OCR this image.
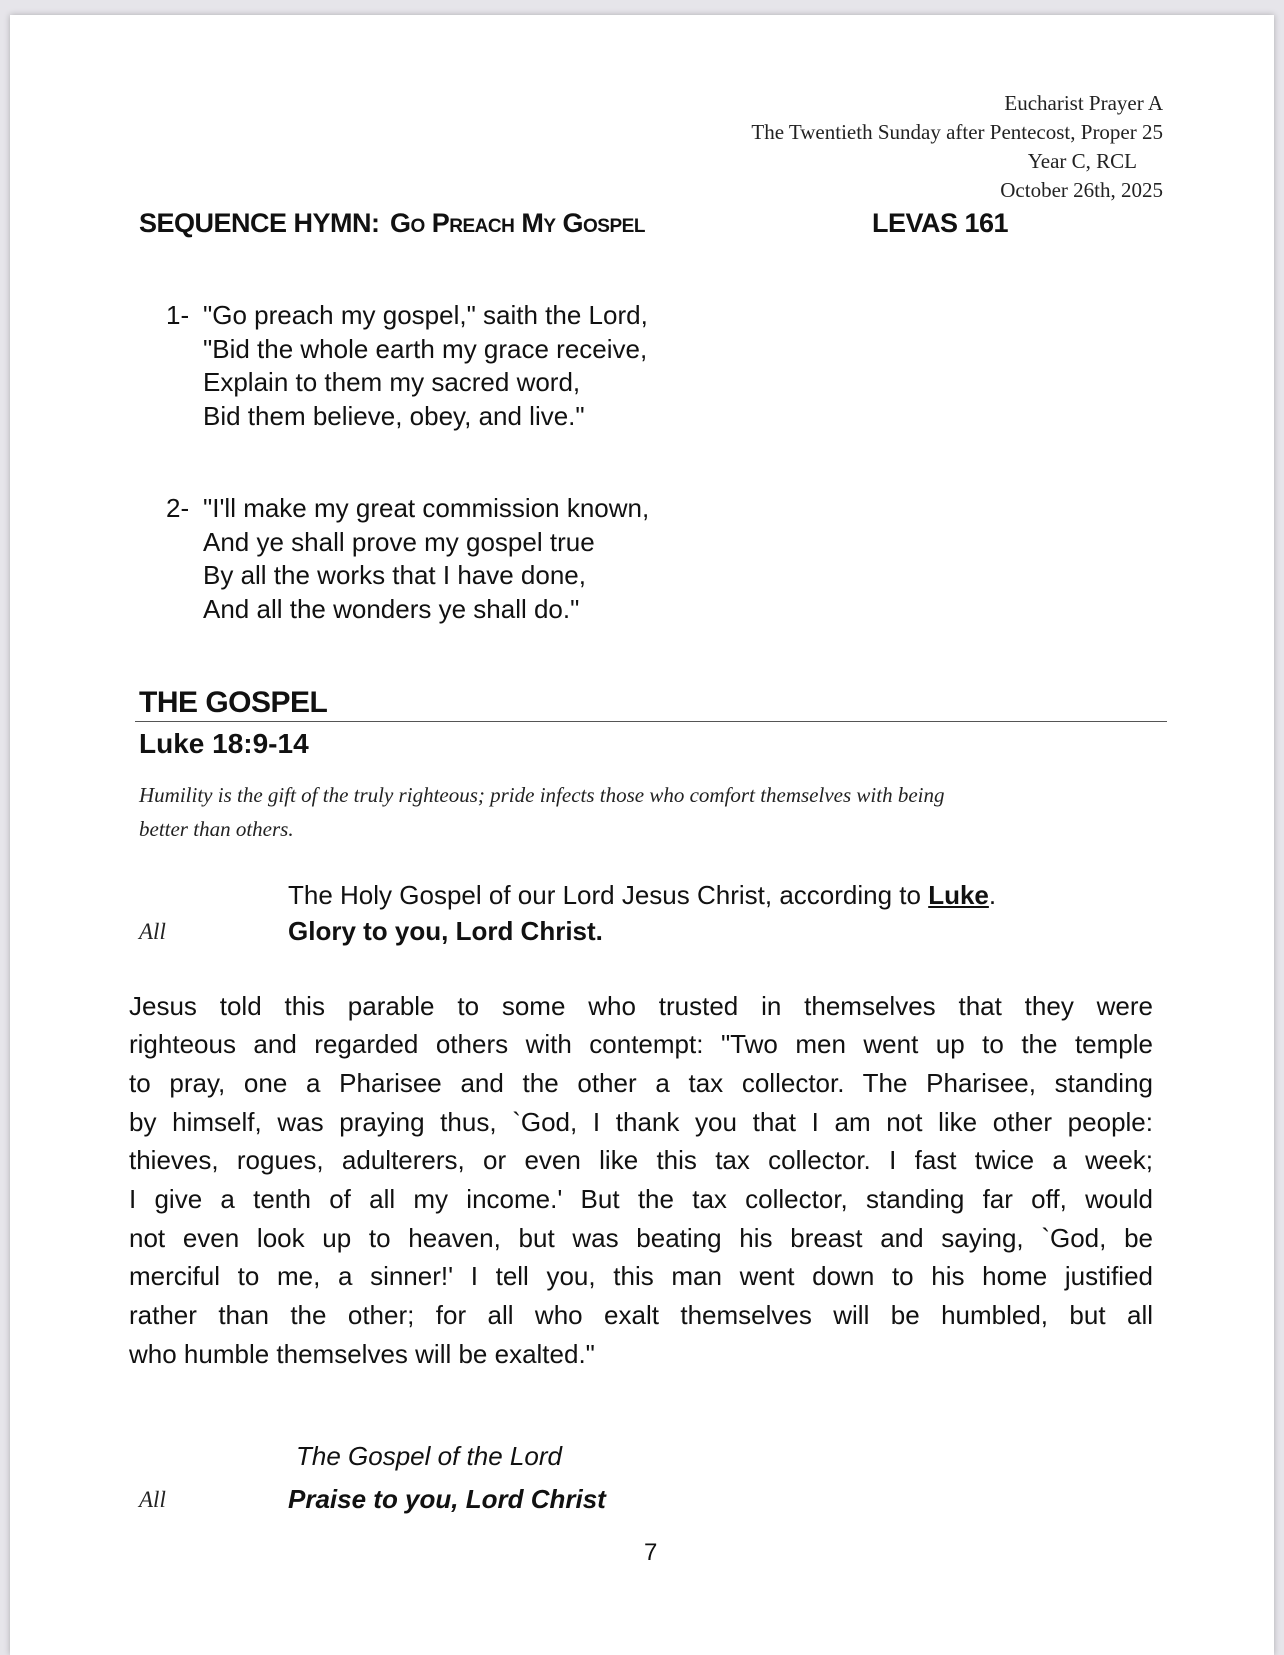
Eucharist Prayer A
The Twentieth Sunday after Pentecost, Proper 25
Year C, RCL
October 26th, 2025
SEQUENCE HYMN: Go Preach My Gospel	LEVAS 161
1- "Go preach my gospel," saith the Lord,
"Bid the whole earth my grace receive,
Explain to them my sacred word,
Bid them believe, obey, and live."
2- "I'll make my great commission known,
And ye shall prove my gospel true
By all the works that I have done,
And all the wonders ye shall do."
THE GOSPEL
Luke 18:9-14
Humility is the gift of the truly righteous; pride infects those who comfort themselves with being
better than others.
The Holy Gospel of our Lord Jesus Christ, according to Luke.
All	Glory to you, Lord Christ.
Jesus told this parable to some who trusted in themselves that they were
righteous and regarded others with contempt: "Two men went up to the temple
to pray, one a Pharisee and the other a tax collector. The Pharisee, standing
by himself, was praying thus, `God, I thank you that I am not like other people:
thieves, rogues, adulterers, or even like this tax collector. I fast twice a week;
I give a tenth of all my income.' But the tax collector, standing far off, would
not even look up to heaven, but was beating his breast and saying, `God, be
merciful to me, a sinner!' I tell you, this man went down to his home justified
rather than the other; for all who exalt themselves will be humbled, but all
who humble themselves will be exalted."
The Gospel of the Lord
All	Praise to you, Lord Christ
7
